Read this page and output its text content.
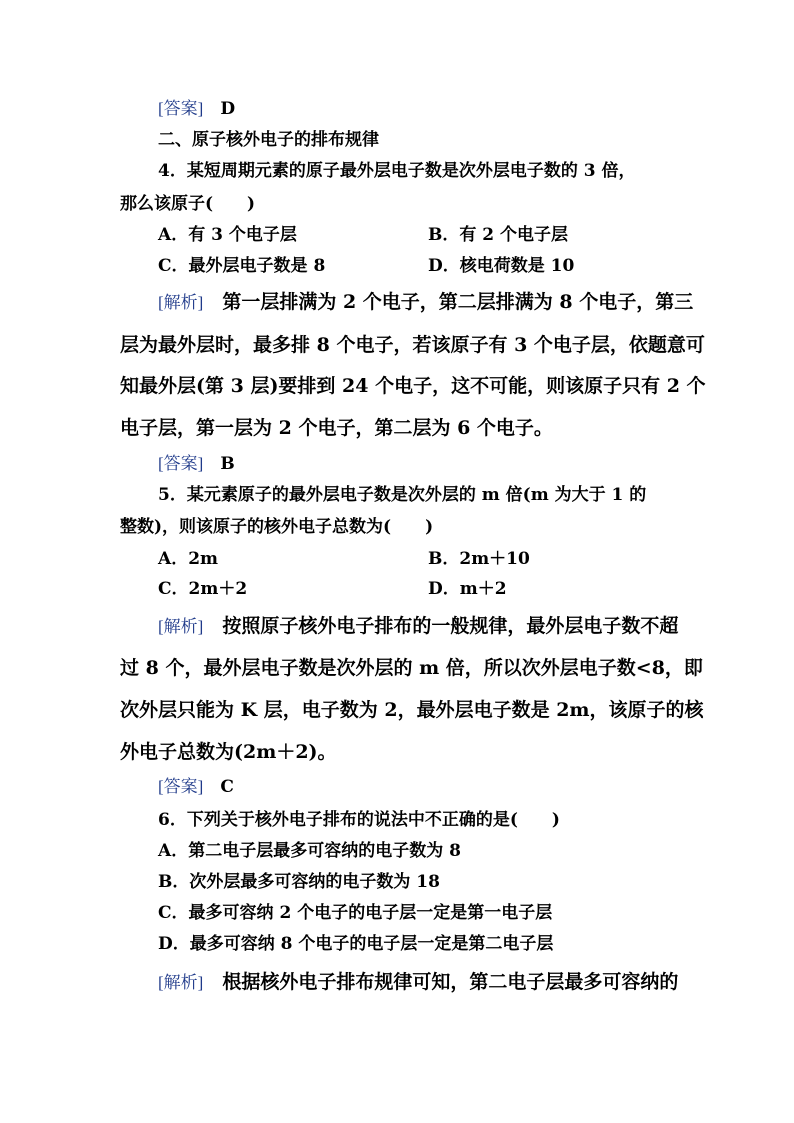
[答案]　 D
二、原子核外电子的排布规律
4．某短周期元素的原子最外层电子数是次外层电子数的 3 倍，
那么该原子(　　)
A．有 3 个电子层	B．有 2 个电子层
C．最外层电子数是 8	D．核电荷数是 10
[解析]　 第一层排满为 2 个电子，第二层排满为 8 个电子，第三
层为最外层时，最多排 8 个电子，若该原子有 3 个电子层，依题意可
知最外层(第 3 层)要排到 24 个电子，这不可能，则该原子只有 2 个
电子层，第一层为 2 个电子，第二层为 6 个电子。
[答案]　 B
5．某元素原子的最外层电子数是次外层的 m 倍(m 为大于 1 的
整数)，则该原子的核外电子总数为(　　)
A．2m	B．2m＋10
C．2m＋2	D．m＋2
[解析]　 按照原子核外电子排布的一般规律，最外层电子数不超
过 8 个，最外层电子数是次外层的 m 倍，所以次外层电子数<8，即
次外层只能为 K 层，电子数为 2，最外层电子数是 2m，该原子的核
外电子总数为(2m＋2)。
[答案]　 C
6．下列关于核外电子排布的说法中不正确的是(　　)
A．第二电子层最多可容纳的电子数为 8
B．次外层最多可容纳的电子数为 18
C．最多可容纳 2 个电子的电子层一定是第一电子层
D．最多可容纳 8 个电子的电子层一定是第二电子层
[解析]　 根据核外电子排布规律可知，第二电子层最多可容纳的
